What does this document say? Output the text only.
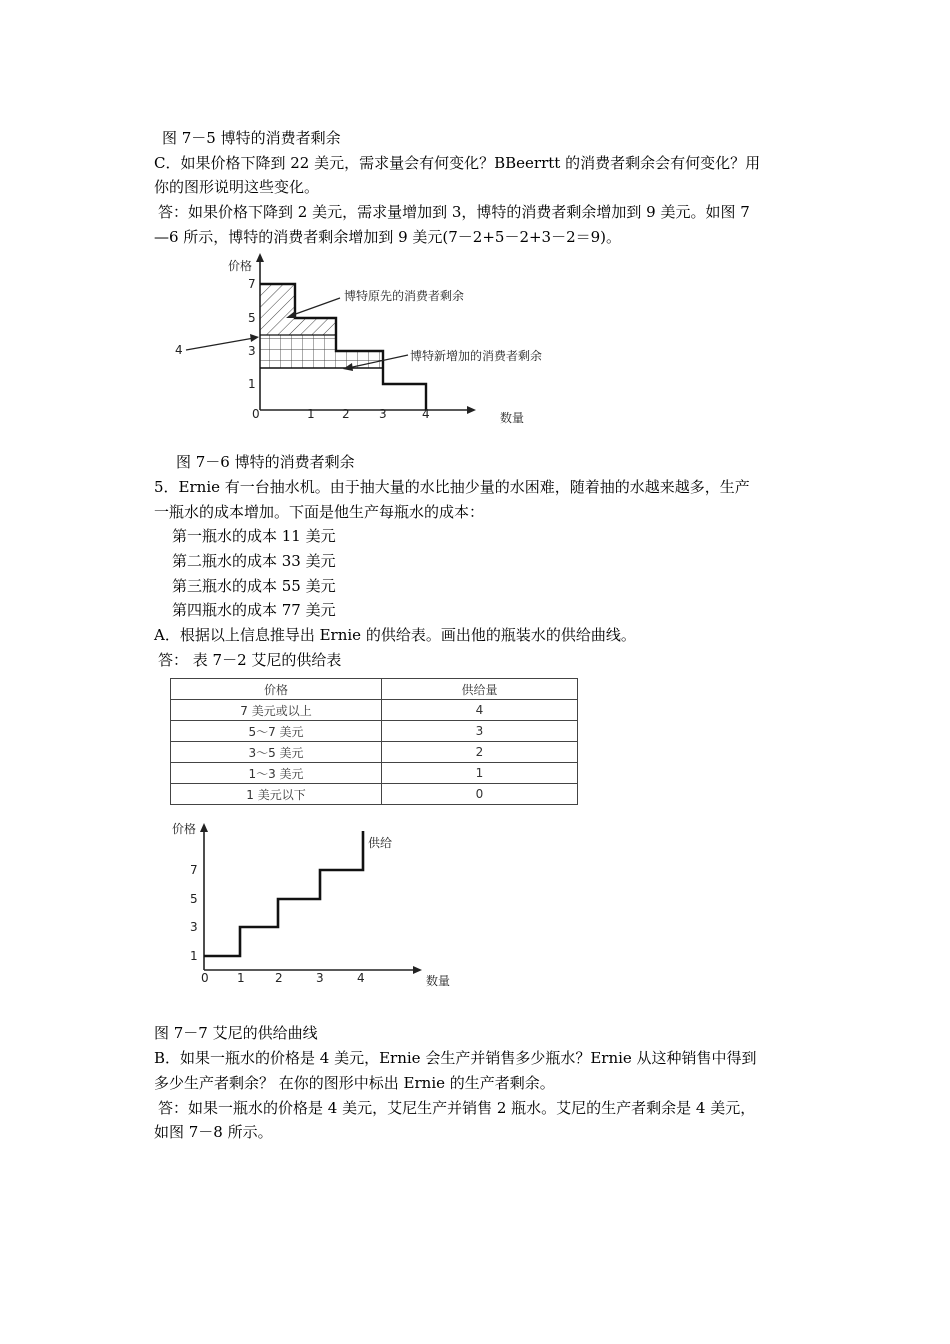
图 7－5 博特的消费者剩余
C．如果价格下降到 22 美元，需求量会有何变化？BBeerrtt 的消费者剩余会有何变化？用
你的图形说明这些变化。
答：如果价格下降到 2 美元，需求量增加到 3，博特的消费者剩余增加到 9 美元。如图 7
—6 所示，博特的消费者剩余增加到 9 美元(7－2+5－2+3－2＝9)。
价格
数量
7
5
3
1
0	1 2 3	4
博特原先的消费者剩余
博特新增加的消费者剩余
4
图 7－6 博特的消费者剩余
5．Ernie 有一台抽水机。由于抽大量的水比抽少量的水困难，随着抽的水越来越多，生产
一瓶水的成本增加。下面是他生产每瓶水的成本：
第一瓶水的成本 11 美元
第二瓶水的成本 33 美元
第三瓶水的成本 55 美元
第四瓶水的成本 77 美元
A．根据以上信息推导出 Ernie 的供给表。画出他的瓶装水的供给曲线。
答： 表 7－2 艾尼的供给表
价格	供给量
7 美元或以上	4
5～7 美元	3
3～5 美元	2
1～3 美元	1
1 美元以下	0
价格
数量
供给
7
5
3
1
0 1	2	3	4
图 7－7 艾尼的供给曲线
B．如果一瓶水的价格是 4 美元，Ernie 会生产并销售多少瓶水？Ernie 从这种销售中得到
多少生产者剩余？ 在你的图形中标出 Ernie 的生产者剩余。
答：如果一瓶水的价格是 4 美元，艾尼生产并销售 2 瓶水。艾尼的生产者剩余是 4 美元，
如图 7－8 所示。
